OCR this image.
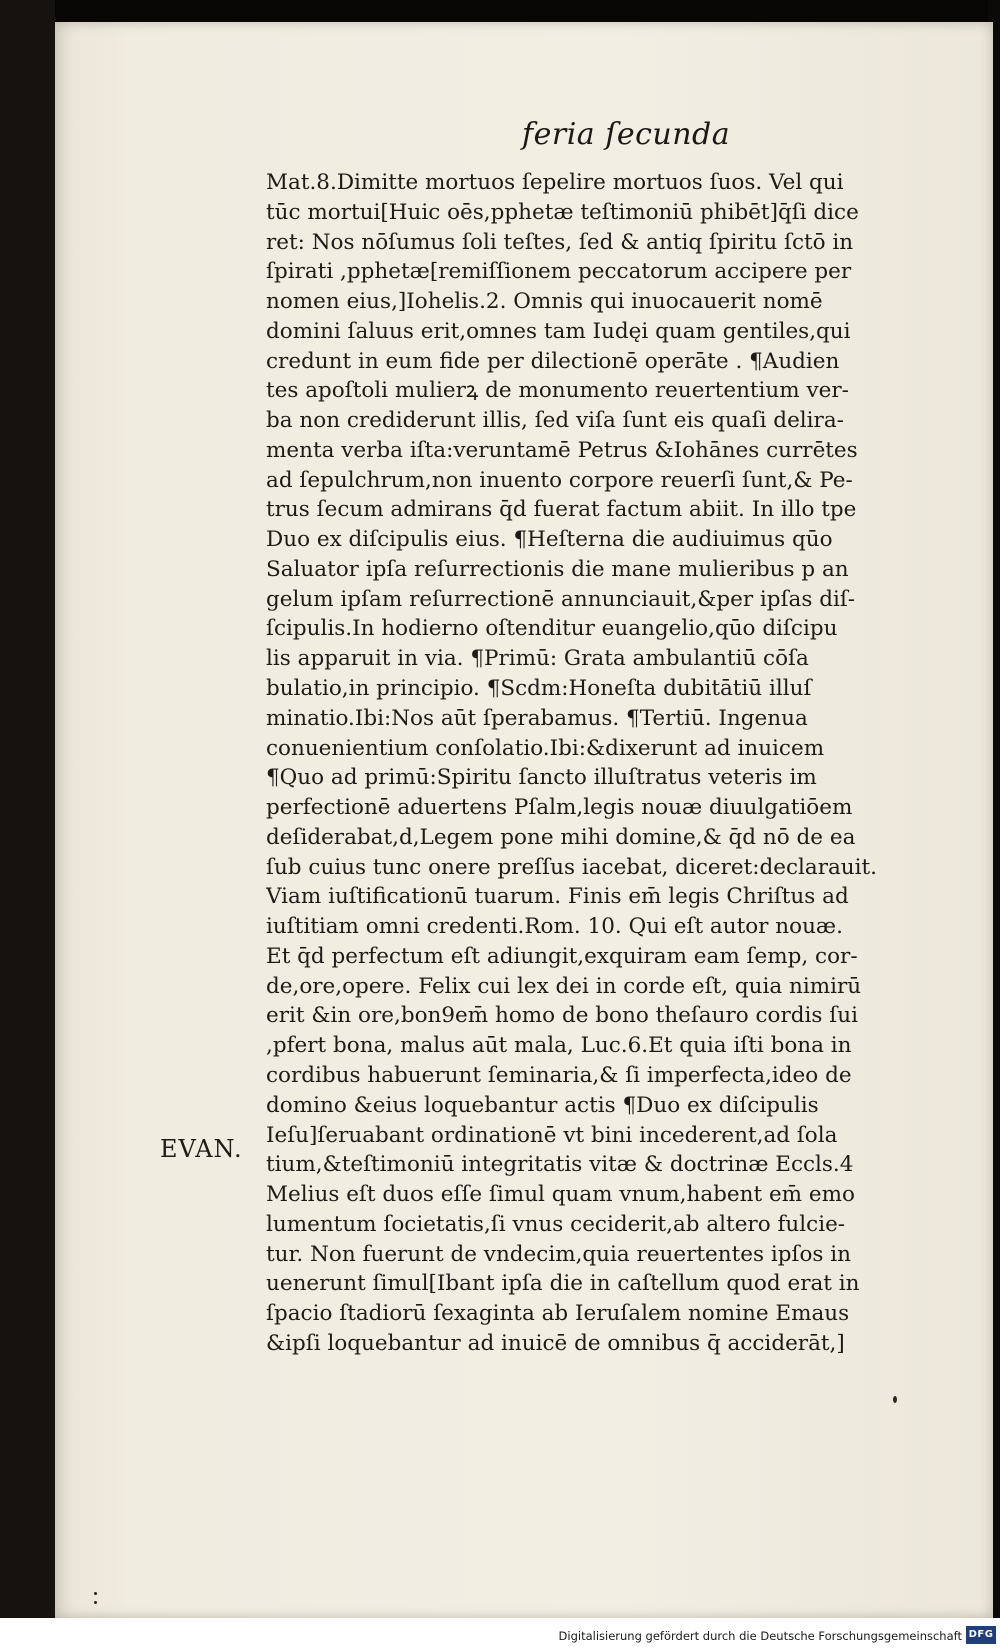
feria ſecunda
EVAN.
Mat.8.Dimitte mortuos ſepelire mortuos ſuos. Vel qui
tūc mortui[Huic oēs,pphetæ teſtimoniū phibēt]q̄ſi dice
ret: Nos nōſumus ſoli teſtes, ſed & antiq ſpiritu ſctō in
ſpirati ,pphetæ[remiſſionem peccatorum accipere per
nomen eius,]Iohelis.2. Omnis qui inuocauerit nomē
domini ſaluus erit,omnes tam Iudęi quam gentiles,qui
credunt in eum fide per dilectionē operāte . ¶Audien
tes apoſtoli mulierꝝ de monumento reuertentium ver-
ba non crediderunt illis, ſed viſa ſunt eis quaſi delira-
menta verba iſta:veruntamē Petrus &Iohānes currētes
ad ſepulchrum,non inuento corpore reuerſi ſunt,& Pe-
trus ſecum admirans q̄d fuerat factum abiit. In illo tpe
Duo ex diſcipulis eius. ¶Heſterna die audiuimus qūo
Saluator ipſa reſurrectionis die mane mulieribus p an
gelum ipſam reſurrectionē annunciauit,&per ipſas diſ-
ſcipulis.In hodierno oſtenditur euangelio,qūo diſcipu
lis apparuit in via. ¶Primū: Grata ambulantiū cōſa
bulatio,in principio. ¶Scdm:Honeſta dubitātiū illuſ
minatio.Ibi:Nos aūt ſperabamus. ¶Tertiū. Ingenua
conuenientium conſolatio.Ibi:&dixerunt ad inuicem
¶Quo ad primū:Spiritu ſancto illuſtratus veteris im
perfectionē aduertens Pſalm,legis nouæ diuulgatiōem
deſiderabat,d,Legem pone mihi domine,& q̄d nō de ea
ſub cuius tunc onere preſſus iacebat, diceret:declarauit.
Viam iuſtificationū tuarum. Finis em̄ legis Chriſtus ad
iuſtitiam omni credenti.Rom. 10. Qui eſt autor nouæ.
Et q̄d perfectum eſt adiungit,exquiram eam ſemp, cor-
de,ore,opere. Felix cui lex dei in corde eſt, quia nimirū
erit &in ore,bon9em̄ homo de bono theſauro cordis ſui
,pfert bona, malus aūt mala, Luc.6.Et quia iſti bona in
cordibus habuerunt ſeminaria,& ſi imperfecta,ideo de
domino &eius loquebantur actis ¶Duo ex diſcipulis
Ieſu]ſeruabant ordinationē vt bini incederent,ad ſola
tium,&teſtimoniū integritatis vitæ & doctrinæ Eccls.4
Melius eſt duos eſſe ſimul quam vnum,habent em̄ emo
lumentum ſocietatis,ſi vnus ceciderit,ab altero fulcie-
tur. Non fuerunt de vndecim,quia reuertentes ipſos in
uenerunt ſimul[Ibant ipſa die in caſtellum quod erat in
ſpacio ſtadiorū ſexaginta ab Ieruſalem nomine Emaus
&ipſi loquebantur ad inuicē de omnibus q̄ acciderāt,]
Digitalisierung gefördert durch die Deutsche Forschungsgemeinschaft DFG
